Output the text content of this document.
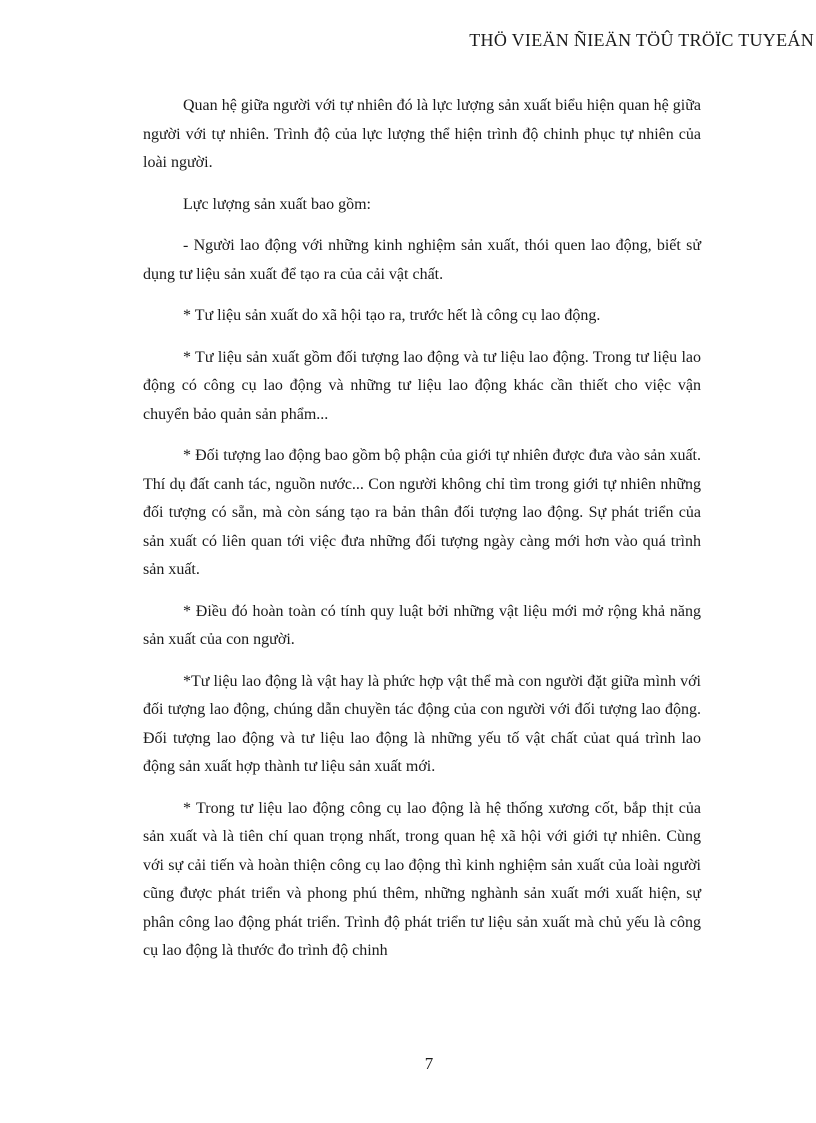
THÖ VIEÄN ÑIEÄN TÖÛ TRÖÏC TUYEÁN

Quan hệ giữa người với tự nhiên đó là lực lượng sản xuất biểu hiện quan hệ giữa người với tự nhiên. Trình độ của lực lượng thể hiện trình độ chinh phục tự nhiên của loài người.

Lực lượng sản xuất bao gồm:

- Người lao động với những kinh nghiệm sản xuất, thói quen lao động, biết sử dụng tư liệu sản xuất để tạo ra của cải vật chất.

* Tư liệu sản xuất do xã hội tạo ra, trước hết là công cụ lao động.

* Tư liệu sản xuất gồm đối tượng lao động và tư liệu lao động. Trong tư liệu lao động có công cụ lao động và những tư liệu lao động khác cần thiết cho việc vận chuyển bảo quản sản phẩm...

* Đối tượng lao động bao gồm bộ phận của giới tự nhiên được đưa vào sản xuất. Thí dụ đất canh tác, nguồn nước... Con người không chỉ tìm trong giới tự nhiên những đối tượng có sẵn, mà còn sáng tạo ra bản thân đối tượng lao động. Sự phát triển của sản xuất có liên quan tới việc đưa những đối tượng ngày càng mới hơn vào quá trình sản xuất.

* Điều đó hoàn toàn có tính quy luật bởi những vật liệu mới mở rộng khả năng sản xuất của con người.

*Tư liệu lao động là vật hay là phức hợp vật thể mà con người đặt giữa mình với đối tượng lao động, chúng dẫn chuyền tác động của con người với đối tượng lao động. Đối tượng lao động và tư liệu lao động là những yếu tố vật chất củat quá trình lao động sản xuất hợp thành tư liệu sản xuất mới.

* Trong tư liệu lao động công cụ lao động là hệ thống xương cốt, bắp thịt của sản xuất và là tiên chí quan trọng nhất, trong quan hệ xã hội với giới tự nhiên. Cùng với sự cải tiến và hoàn thiện công cụ lao động thì kinh nghiệm sản xuất của loài người cũng được phát triển và phong phú thêm, những nghành sản xuất mới xuất hiện, sự phân công lao động phát triển. Trình độ phát triển tư liệu sản xuất mà chủ yếu là công cụ lao động là thước đo trình độ chinh

7
